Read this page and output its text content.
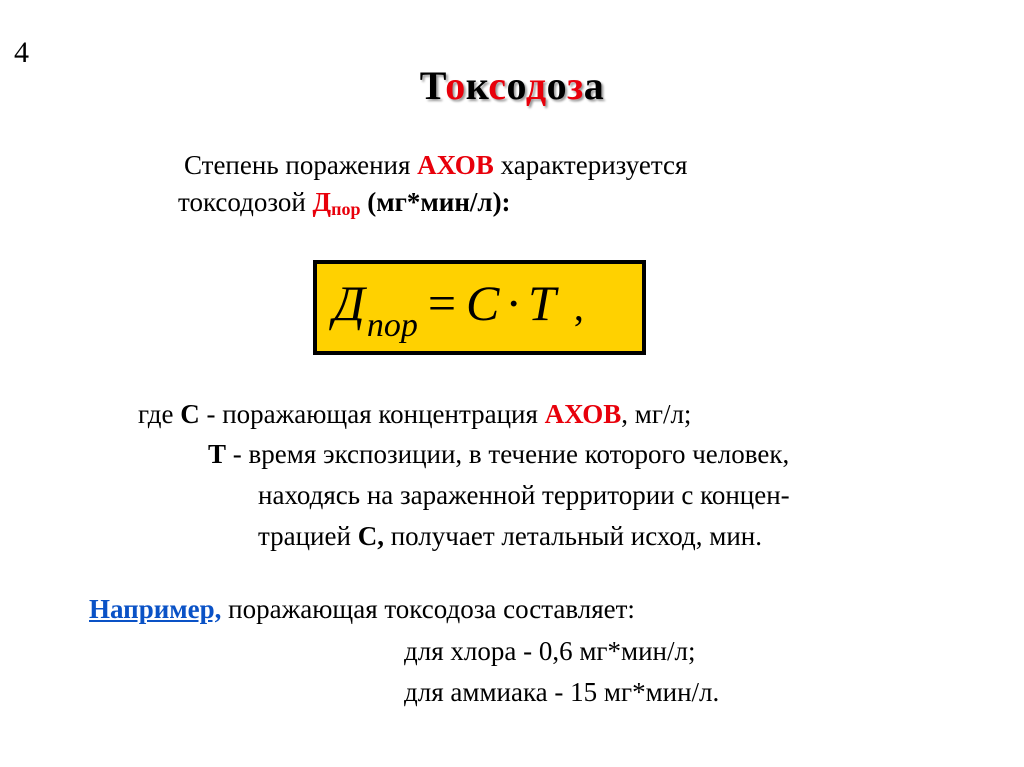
4
Токсодоза
Степень поражения АХОВ характеризуется
токсодозой $Д_{пор}$ (мг*мин/л):
$Д_{пор} = C \cdot T$ ,
где С - поражающая концентрация АХОВ, мг/л;
Т - время экспозиции, в течение которого человек,
находясь на зараженной территории с концен-
трацией С, получает летальный исход, мин.
Например, поражающая токсодоза составляет:
для хлора - 0,6 мг*мин/л;
для аммиака - 15 мг*мин/л.
